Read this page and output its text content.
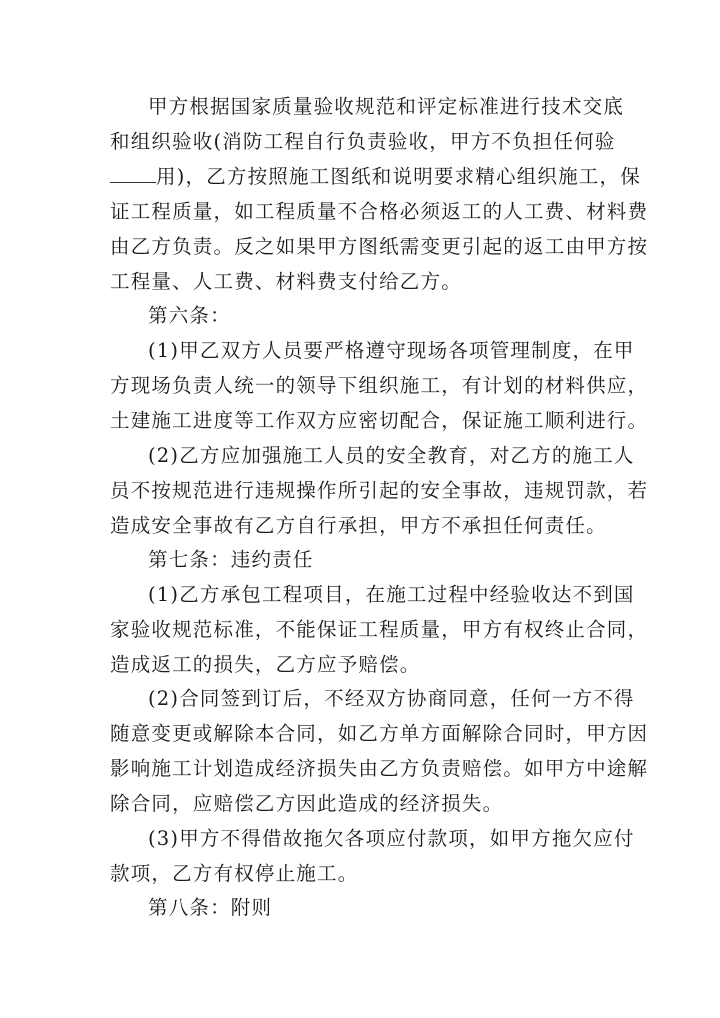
甲方根据国家质量验收规范和评定标准进行技术交底
和组织验收(消防工程自行负责验收，甲方不负担任何验
用)，乙方按照施工图纸和说明要求精心组织施工，保
证工程质量，如工程质量不合格必须返工的人工费、材料费
由乙方负责。反之如果甲方图纸需变更引起的返工由甲方按
工程量、人工费、材料费支付给乙方。
第六条：
(1)甲乙双方人员要严格遵守现场各项管理制度，在甲
方现场负责人统一的领导下组织施工，有计划的材料供应，
土建施工进度等工作双方应密切配合，保证施工顺利进行。
(2)乙方应加强施工人员的安全教育，对乙方的施工人
员不按规范进行违规操作所引起的安全事故，违规罚款，若
造成安全事故有乙方自行承担，甲方不承担任何责任。
第七条：违约责任
(1)乙方承包工程项目，在施工过程中经验收达不到国
家验收规范标准，不能保证工程质量，甲方有权终止合同，
造成返工的损失，乙方应予赔偿。
(2)合同签到订后，不经双方协商同意，任何一方不得
随意变更或解除本合同，如乙方单方面解除合同时，甲方因
影响施工计划造成经济损失由乙方负责赔偿。如甲方中途解
除合同，应赔偿乙方因此造成的经济损失。
(3)甲方不得借故拖欠各项应付款项，如甲方拖欠应付
款项，乙方有权停止施工。
第八条：附则
